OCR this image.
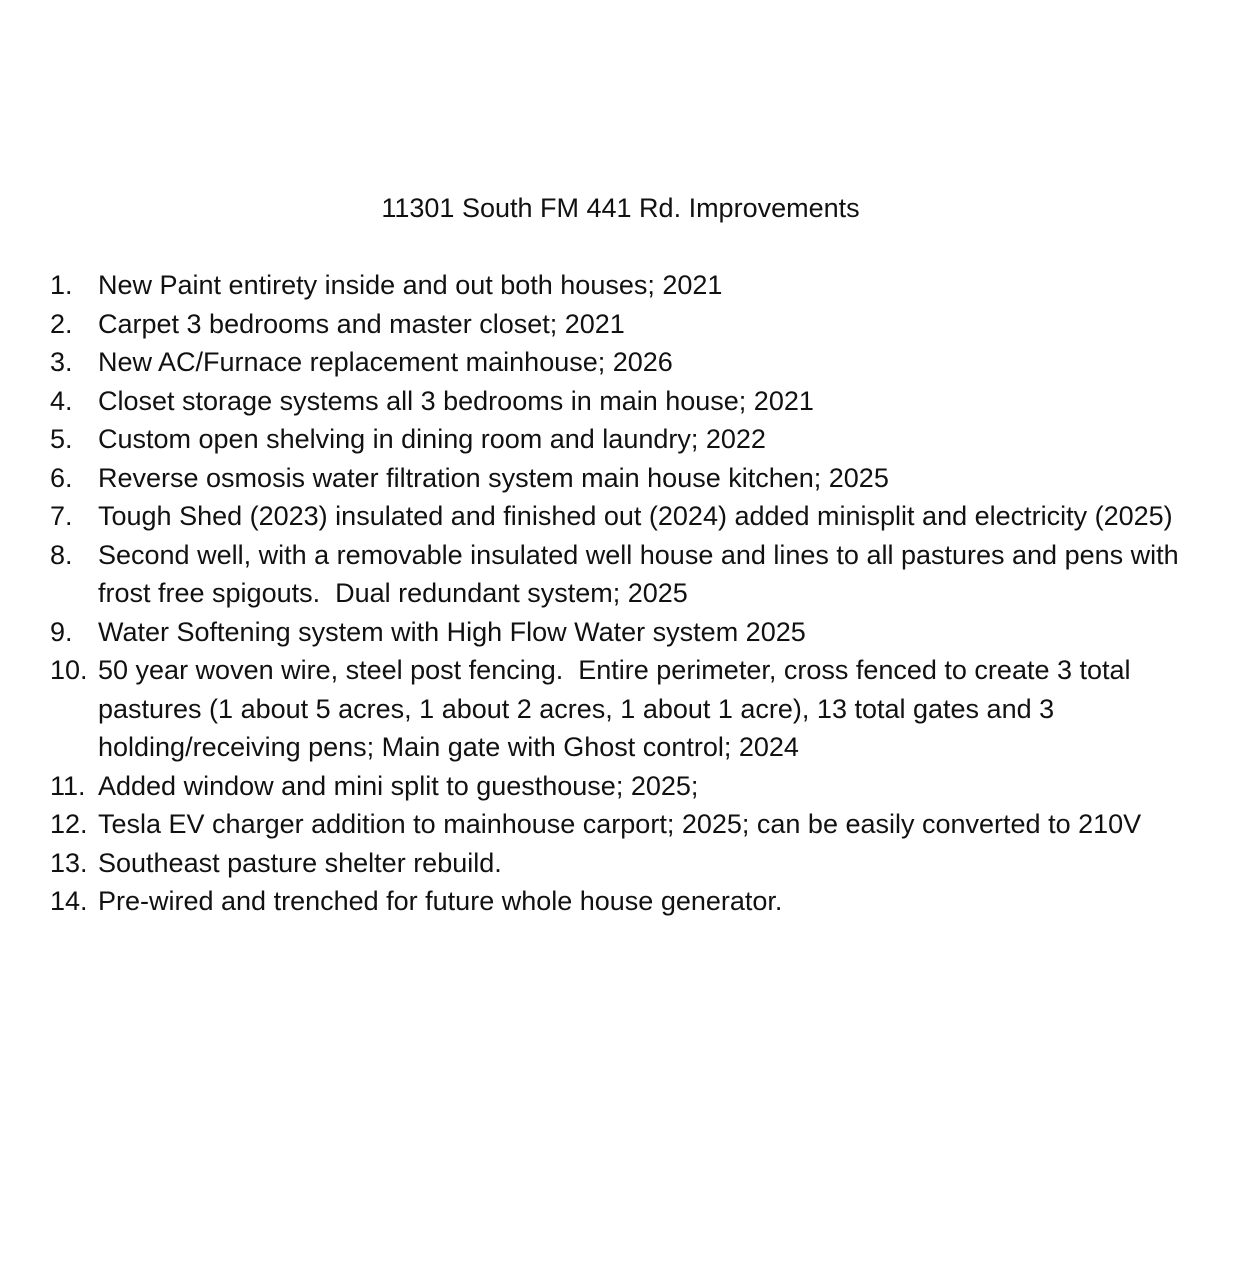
11301 South FM 441 Rd. Improvements
1. New Paint entirety inside and out both houses; 2021
2. Carpet 3 bedrooms and master closet; 2021
3. New AC/Furnace replacement mainhouse; 2026
4. Closet storage systems all 3 bedrooms in main house; 2021
5. Custom open shelving in dining room and laundry; 2022
6. Reverse osmosis water filtration system main house kitchen; 2025
7. Tough Shed (2023) insulated and finished out (2024) added minisplit and electricity (2025)
8. Second well, with a removable insulated well house and lines to all pastures and pens with frost free spigouts.  Dual redundant system; 2025
9. Water Softening system with High Flow Water system 2025
10. 50 year woven wire, steel post fencing.  Entire perimeter, cross fenced to create 3 total pastures (1 about 5 acres, 1 about 2 acres, 1 about 1 acre), 13 total gates and 3 holding/receiving pens; Main gate with Ghost control; 2024
11. Added window and mini split to guesthouse; 2025;
12. Tesla EV charger addition to mainhouse carport; 2025; can be easily converted to 210V
13. Southeast pasture shelter rebuild.
14. Pre-wired and trenched for future whole house generator.
